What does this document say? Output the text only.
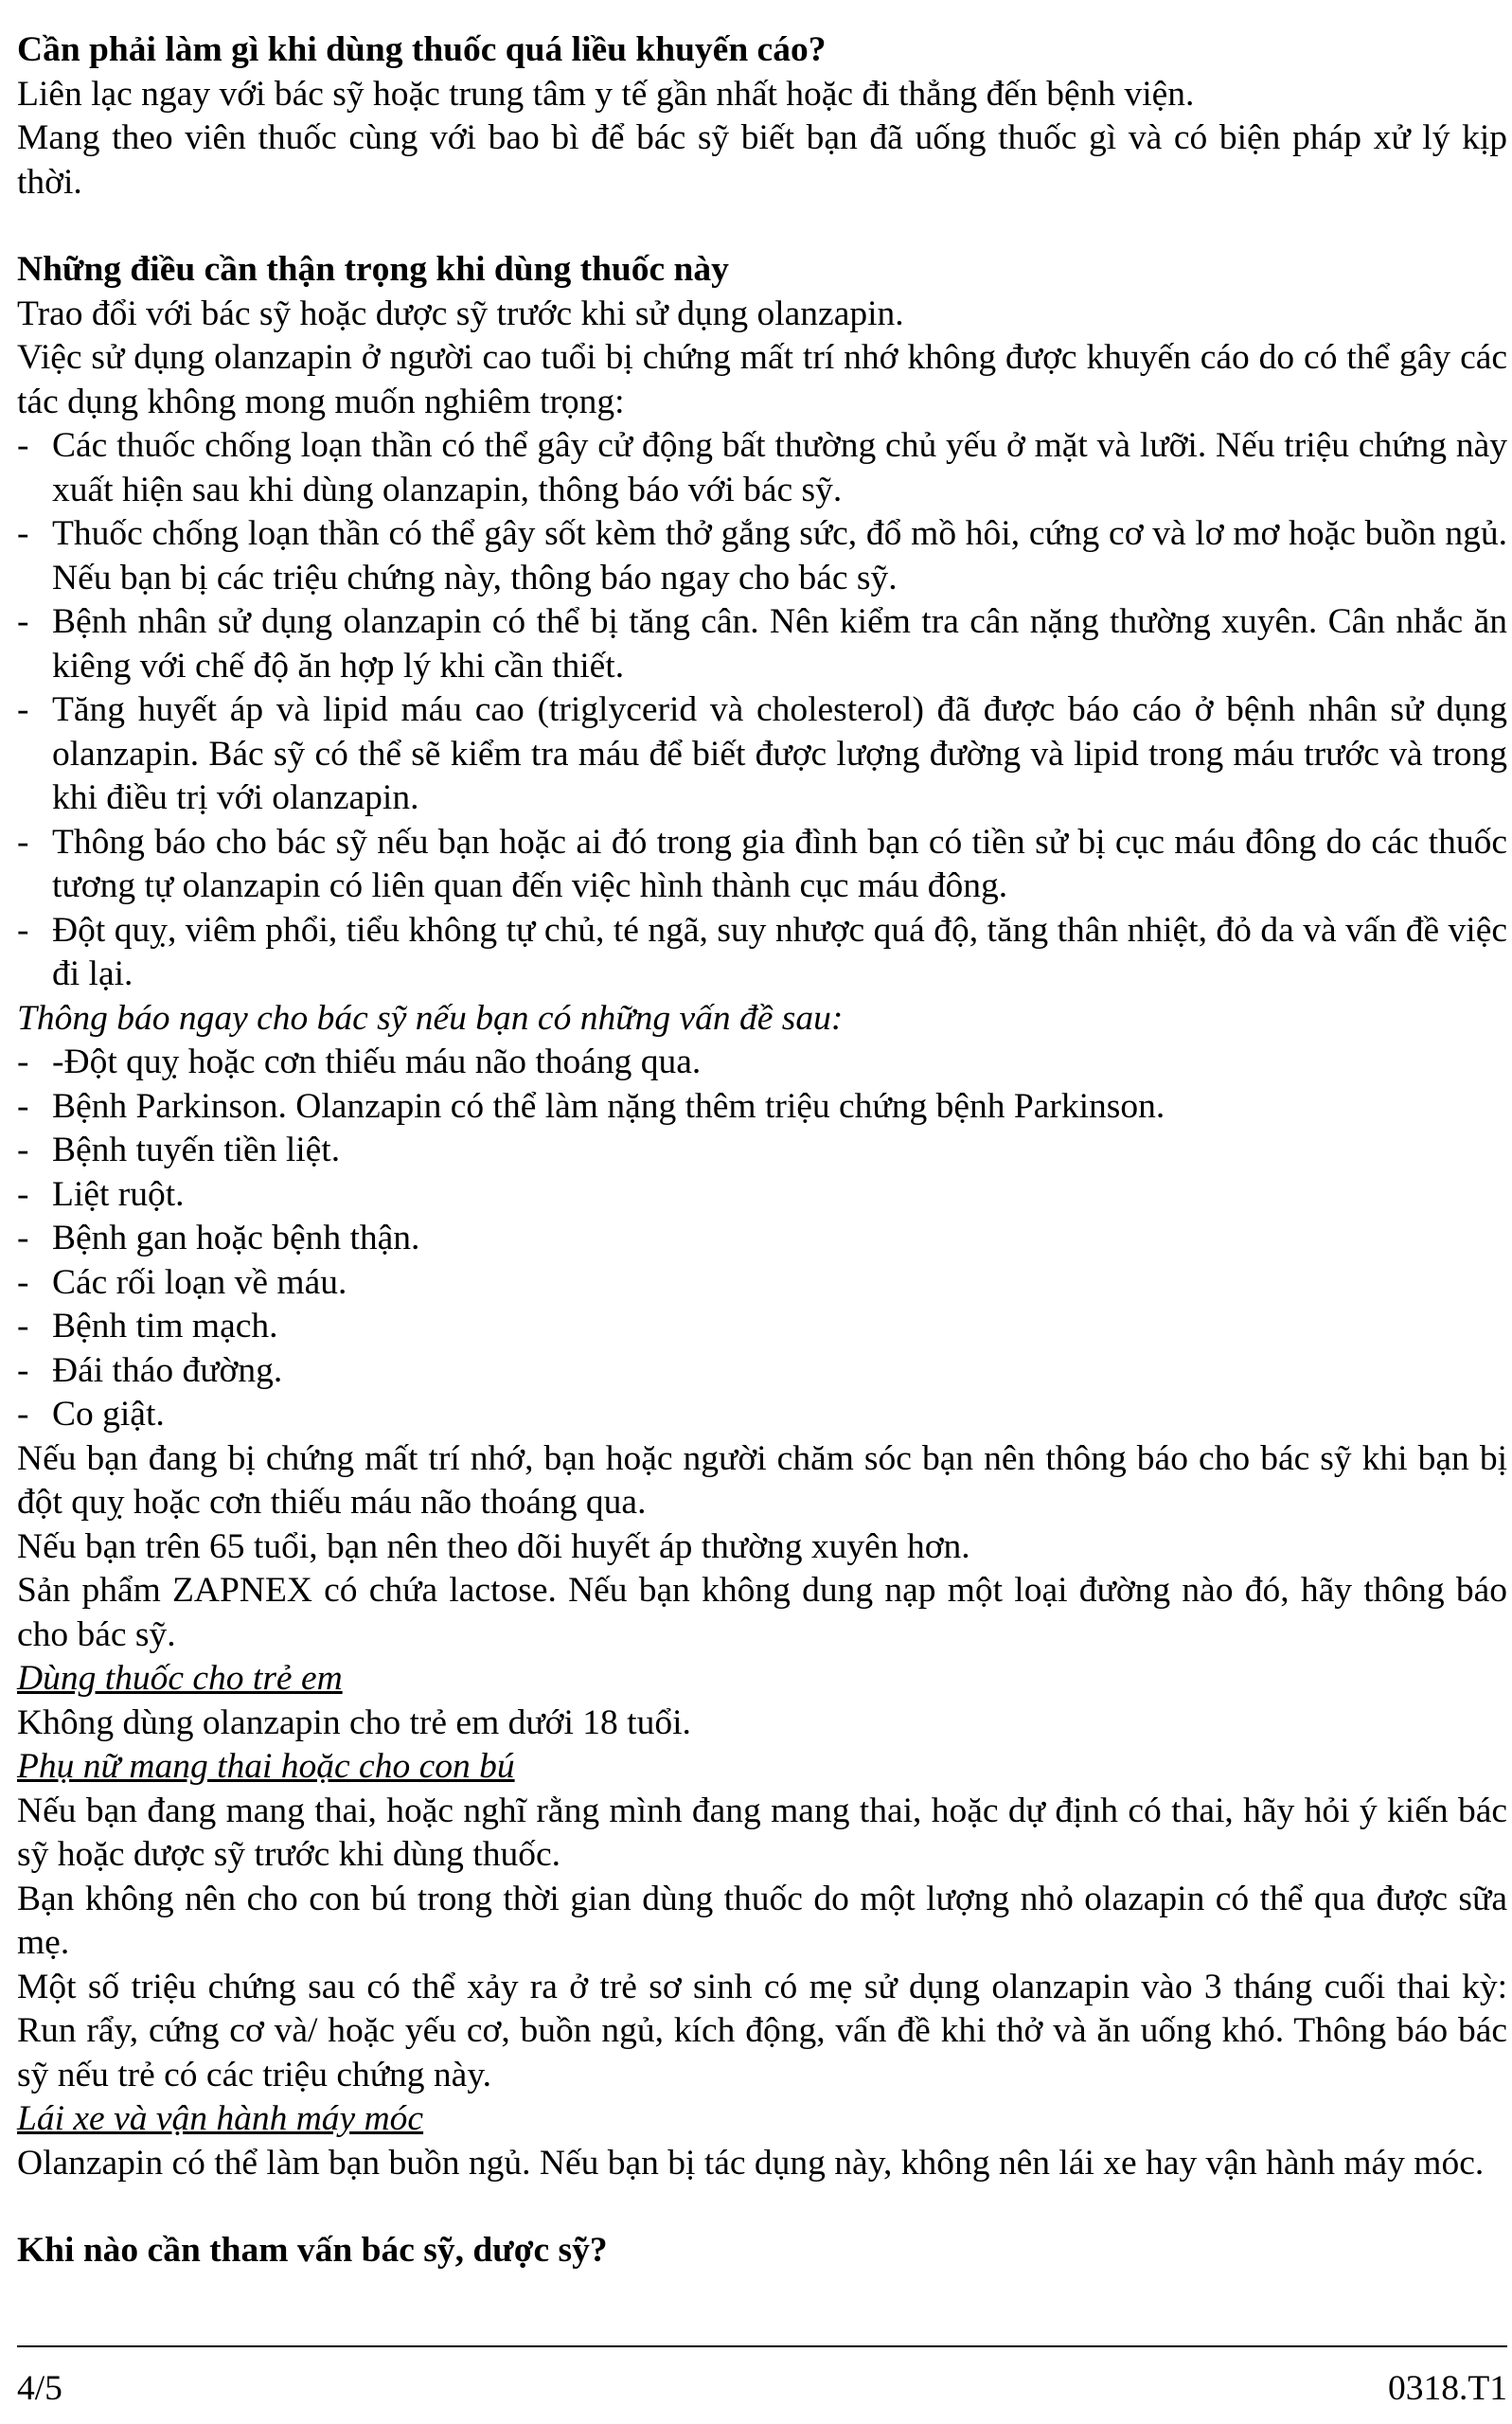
Cần phải làm gì khi dùng thuốc quá liều khuyến cáo?

Liên lạc ngay với bác sỹ hoặc trung tâm y tế gần nhất hoặc đi thẳng đến bệnh viện.

Mang theo viên thuốc cùng với bao bì để bác sỹ biết bạn đã uống thuốc gì và có biện pháp xử lý kịp thời.

Những điều cần thận trọng khi dùng thuốc này

Trao đổi với bác sỹ hoặc dược sỹ trước khi sử dụng olanzapin.

Việc sử dụng olanzapin ở người cao tuổi bị chứng mất trí nhớ không được khuyến cáo do có thể gây các tác dụng không mong muốn nghiêm trọng:

- Các thuốc chống loạn thần có thể gây cử động bất thường chủ yếu ở mặt và lưỡi. Nếu triệu chứng này xuất hiện sau khi dùng olanzapin, thông báo với bác sỹ.

- Thuốc chống loạn thần có thể gây sốt kèm thở gắng sức, đổ mồ hôi, cứng cơ và lơ mơ hoặc buồn ngủ. Nếu bạn bị các triệu chứng này, thông báo ngay cho bác sỹ.

- Bệnh nhân sử dụng olanzapin có thể bị tăng cân. Nên kiểm tra cân nặng thường xuyên. Cân nhắc ăn kiêng với chế độ ăn hợp lý khi cần thiết.

- Tăng huyết áp và lipid máu cao (triglycerid và cholesterol) đã được báo cáo ở bệnh nhân sử dụng olanzapin. Bác sỹ có thể sẽ kiểm tra máu để biết được lượng đường và lipid trong máu trước và trong khi điều trị với olanzapin.

- Thông báo cho bác sỹ nếu bạn hoặc ai đó trong gia đình bạn có tiền sử bị cục máu đông do các thuốc tương tự olanzapin có liên quan đến việc hình thành cục máu đông.

- Đột quỵ, viêm phổi, tiểu không tự chủ, té ngã, suy nhược quá độ, tăng thân nhiệt, đỏ da và vấn đề việc đi lại.

Thông báo ngay cho bác sỹ nếu bạn có những vấn đề sau:

- -Đột quỵ hoặc cơn thiếu máu não thoáng qua.

- Bệnh Parkinson. Olanzapin có thể làm nặng thêm triệu chứng bệnh Parkinson.

- Bệnh tuyến tiền liệt.

- Liệt ruột.

- Bệnh gan hoặc bệnh thận.

- Các rối loạn về máu.

- Bệnh tim mạch.

- Đái tháo đường.

- Co giật.

Nếu bạn đang bị chứng mất trí nhớ, bạn hoặc người chăm sóc bạn nên thông báo cho bác sỹ khi bạn bị đột quỵ hoặc cơn thiếu máu não thoáng qua.

Nếu bạn trên 65 tuổi, bạn nên theo dõi huyết áp thường xuyên hơn.

Sản phẩm ZAPNEX có chứa lactose. Nếu bạn không dung nạp một loại đường nào đó, hãy thông báo cho bác sỹ.

Dùng thuốc cho trẻ em

Không dùng olanzapin cho trẻ em dưới 18 tuổi.

Phụ nữ mang thai hoặc cho con bú

Nếu bạn đang mang thai, hoặc nghĩ rằng mình đang mang thai, hoặc dự định có thai, hãy hỏi ý kiến bác sỹ hoặc dược sỹ trước khi dùng thuốc.

Bạn không nên cho con bú trong thời gian dùng thuốc do một lượng nhỏ olazapin có thể qua được sữa mẹ.

Một số triệu chứng sau có thể xảy ra ở trẻ sơ sinh có mẹ sử dụng olanzapin vào 3 tháng cuối thai kỳ: Run rẩy, cứng cơ và/ hoặc yếu cơ, buồn ngủ, kích động, vấn đề khi thở và ăn uống khó. Thông báo bác sỹ nếu trẻ có các triệu chứng này.

Lái xe và vận hành máy móc

Olanzapin có thể làm bạn buồn ngủ. Nếu bạn bị tác dụng này, không nên lái xe hay vận hành máy móc.

Khi nào cần tham vấn bác sỹ, dược sỹ?

4/5	0318.T1
